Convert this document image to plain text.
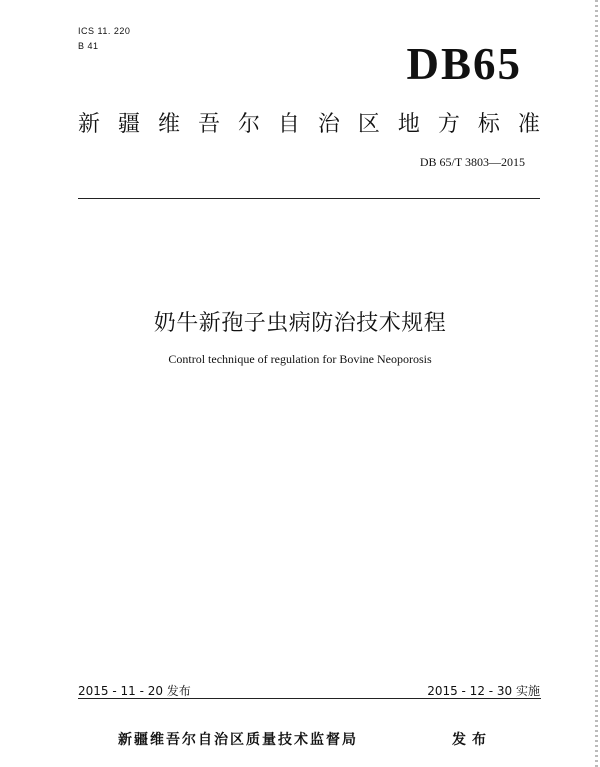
ICS 11. 220
B 41	DB65
新 疆 维 吾 尔 自 治 区 地 方 标 准
DB 65/T 3803—2015
奶牛新孢子虫病防治技术规程
Control technique of regulation for Bovine Neoporosis
2015 - 11 - 20 发布	2015 - 12 - 30 实施
新疆维吾尔自治区质量技术监督局	发布
